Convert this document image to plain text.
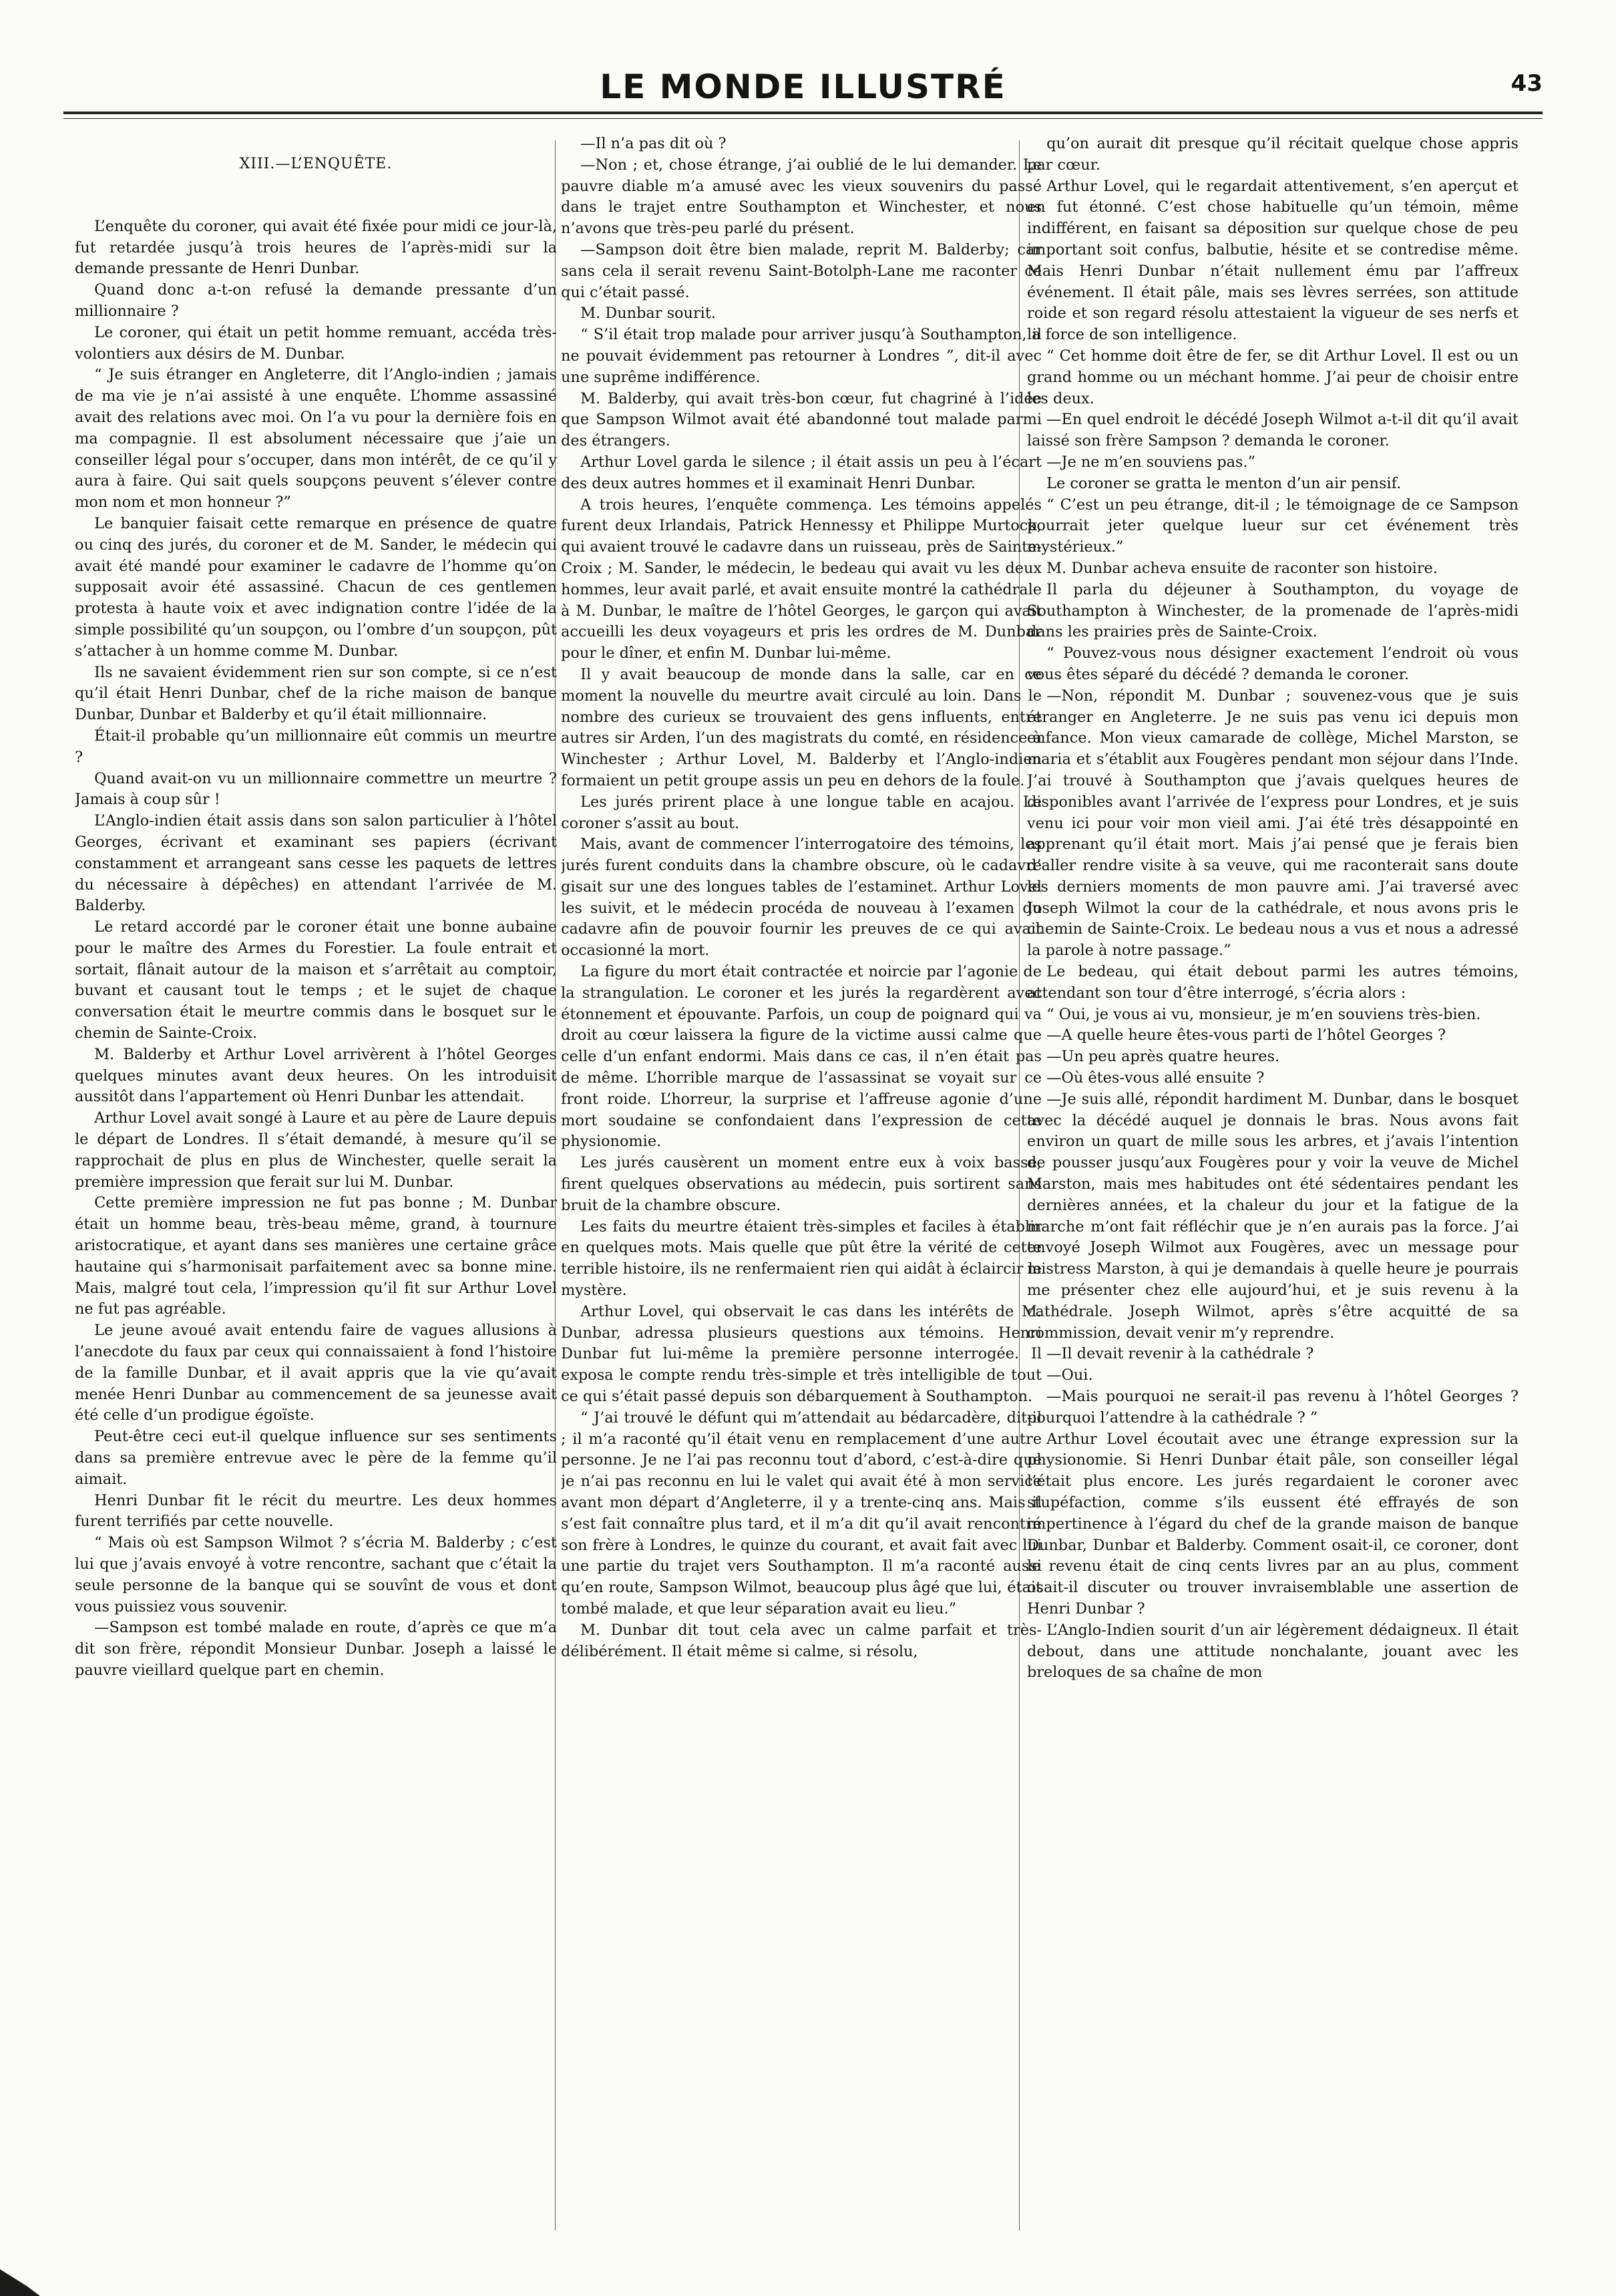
LE MONDE ILLUSTRÉ	43

XIII.—L’ENQUÊTE.

L’enquête du coroner, qui avait été fixée pour midi ce jour-là, fut retardée jusqu’à trois heures de l’après-midi sur la demande pressante de Henri Dunbar.

Quand donc a-t-on refusé la demande pressante d’un millionnaire ?

Le coroner, qui était un petit homme remuant, accéda très-volontiers aux désirs de M. Dunbar.

“ Je suis étranger en Angleterre, dit l’Anglo-indien ; jamais de ma vie je n’ai assisté à une enquête. L’homme assassiné avait des relations avec moi. On l’a vu pour la dernière fois en ma compagnie. Il est absolument nécessaire que j’aie un conseiller légal pour s’occuper, dans mon intérêt, de ce qu’il y aura à faire. Qui sait quels soupçons peuvent s’élever contre mon nom et mon honneur ?”

Le banquier faisait cette remarque en présence de quatre ou cinq des jurés, du coroner et de M. Sander, le médecin qui avait été mandé pour examiner le cadavre de l’homme qu’on supposait avoir été assassiné. Chacun de ces gentlemen protesta à haute voix et avec indignation contre l’idée de la simple possibilité qu’un soupçon, ou l’ombre d’un soupçon, pût s’attacher à un homme comme M. Dunbar.

Ils ne savaient évidemment rien sur son compte, si ce n’est qu’il était Henri Dunbar, chef de la riche maison de banque Dunbar, Dunbar et Balderby et qu’il était millionnaire.

Était-il probable qu’un millionnaire eût commis un meurtre ?

Quand avait-on vu un millionnaire commettre un meurtre ? Jamais à coup sûr !

L’Anglo-indien était assis dans son salon particulier à l’hôtel Georges, écrivant et examinant ses papiers (écrivant constamment et arrangeant sans cesse les paquets de lettres du nécessaire à dépêches) en attendant l’arrivée de M. Balderby.

Le retard accordé par le coroner était une bonne aubaine pour le maître des Armes du Forestier. La foule entrait et sortait, flânait autour de la maison et s’arrêtait au comptoir, buvant et causant tout le temps ; et le sujet de chaque conversation était le meurtre commis dans le bosquet sur le chemin de Sainte-Croix.

M. Balderby et Arthur Lovel arrivèrent à l’hôtel Georges quelques minutes avant deux heures. On les introduisit aussitôt dans l’appartement où Henri Dunbar les attendait.

Arthur Lovel avait songé à Laure et au père de Laure depuis le départ de Londres. Il s’était demandé, à mesure qu’il se rapprochait de plus en plus de Winchester, quelle serait la première impression que ferait sur lui M. Dunbar.

Cette première impression ne fut pas bonne ; M. Dunbar était un homme beau, très-beau même, grand, à tournure aristocratique, et ayant dans ses manières une certaine grâce hautaine qui s’harmonisait parfaitement avec sa bonne mine. Mais, malgré tout cela, l’impression qu’il fit sur Arthur Lovel ne fut pas agréable.

Le jeune avoué avait entendu faire de vagues allusions à l’anecdote du faux par ceux qui connaissaient à fond l’histoire de la famille Dunbar, et il avait appris que la vie qu’avait menée Henri Dunbar au commencement de sa jeunesse avait été celle d’un prodigue égoïste.

Peut-être ceci eut-il quelque influence sur ses sentiments dans sa première entrevue avec le père de la femme qu’il aimait.

Henri Dunbar fit le récit du meurtre. Les deux hommes furent terrifiés par cette nouvelle.

“ Mais où est Sampson Wilmot ? s’écria M. Balderby ; c’est lui que j’avais envoyé à votre rencontre, sachant que c’était la seule personne de la banque qui se souvînt de vous et dont vous puissiez vous souvenir.

—Sampson est tombé malade en route, d’après ce que m’a dit son frère, répondit Monsieur Dunbar. Joseph a laissé le pauvre vieillard quelque part en chemin.

—Il n’a pas dit où ?

—Non ; et, chose étrange, j’ai oublié de le lui demander. Le pauvre diable m’a amusé avec les vieux souvenirs du passé dans le trajet entre Southampton et Winchester, et nous n’avons que très-peu parlé du présent.

—Sampson doit être bien malade, reprit M. Balderby; car sans cela il serait revenu Saint-Botolph-Lane me raconter ce qui c’était passé.

M. Dunbar sourit.

“ S’il était trop malade pour arriver jusqu’à Southampton, il ne pouvait évidemment pas retourner à Londres ”, dit-il avec une suprême indifférence.

M. Balderby, qui avait très-bon cœur, fut chagriné à l’idée que Sampson Wilmot avait été abandonné tout malade parmi des étrangers.

Arthur Lovel garda le silence ; il était assis un peu à l’écart des deux autres hommes et il examinait Henri Dunbar.

A trois heures, l’enquête commença. Les témoins appelés furent deux Irlandais, Patrick Hennessy et Philippe Murtock, qui avaient trouvé le cadavre dans un ruisseau, près de Sainte-Croix ; M. Sander, le médecin, le bedeau qui avait vu les deux hommes, leur avait parlé, et avait ensuite montré la cathédrale à M. Dunbar, le maître de l’hôtel Georges, le garçon qui avait accueilli les deux voyageurs et pris les ordres de M. Dunbar pour le dîner, et enfin M. Dunbar lui-même.

Il y avait beaucoup de monde dans la salle, car en ce moment la nouvelle du meurtre avait circulé au loin. Dans le nombre des curieux se trouvaient des gens influents, entre autres sir Arden, l’un des magistrats du comté, en résidence à Winchester ; Arthur Lovel, M. Balderby et l’Anglo-indien formaient un petit groupe assis un peu en dehors de la foule.

Les jurés prirent place à une longue table en acajou. Le coroner s’assit au bout.

Mais, avant de commencer l’interrogatoire des témoins, les jurés furent conduits dans la chambre obscure, où le cadavre gisait sur une des longues tables de l’estaminet. Arthur Lovel les suivit, et le médecin procéda de nouveau à l’examen du cadavre afin de pouvoir fournir les preuves de ce qui avait occasionné la mort.

La figure du mort était contractée et noircie par l’agonie de la strangulation. Le coroner et les jurés la regardèrent avec étonnement et épouvante. Parfois, un coup de poignard qui va droit au cœur laissera la figure de la victime aussi calme que celle d’un enfant endormi. Mais dans ce cas, il n’en était pas de même. L’horrible marque de l’assassinat se voyait sur ce front roide. L’horreur, la surprise et l’affreuse agonie d’une mort soudaine se confondaient dans l’expression de cette physionomie.

Les jurés causèrent un moment entre eux à voix basse, firent quelques observations au médecin, puis sortirent sans bruit de la chambre obscure.

Les faits du meurtre étaient très-simples et faciles à établir en quelques mots. Mais quelle que pût être la vérité de cette terrible histoire, ils ne renfermaient rien qui aidât à éclaircir le mystère.

Arthur Lovel, qui observait le cas dans les intérêts de M. Dunbar, adressa plusieurs questions aux témoins. Henri Dunbar fut lui-même la première personne interrogée. Il exposa le compte rendu très-simple et très intelligible de tout ce qui s’était passé depuis son débarquement à Southampton.

“ J’ai trouvé le défunt qui m’attendait au bédarcadère, dit-il ; il m’a raconté qu’il était venu en remplacement d’une autre personne. Je ne l’ai pas reconnu tout d’abord, c’est-à-dire que je n’ai pas reconnu en lui le valet qui avait été à mon service avant mon départ d’Angleterre, il y a trente-cinq ans. Mais il s’est fait connaître plus tard, et il m’a dit qu’il avait rencontré son frère à Londres, le quinze du courant, et avait fait avec lui une partie du trajet vers Southampton. Il m’a raconté aussi qu’en route, Sampson Wilmot, beaucoup plus âgé que lui, était tombé malade, et que leur séparation avait eu lieu.”

M. Dunbar dit tout cela avec un calme parfait et très-délibérément. Il était même si calme, si résolu,

qu’on aurait dit presque qu’il récitait quelque chose appris par cœur.

Arthur Lovel, qui le regardait attentivement, s’en aperçut et en fut étonné. C’est chose habituelle qu’un témoin, même indifférent, en faisant sa déposition sur quelque chose de peu important soit confus, balbutie, hésite et se contredise même. Mais Henri Dunbar n’était nullement ému par l’affreux événement. Il était pâle, mais ses lèvres serrées, son attitude roide et son regard résolu attestaient la vigueur de ses nerfs et la force de son intelligence.

“ Cet homme doit être de fer, se dit Arthur Lovel. Il est ou un grand homme ou un méchant homme. J’ai peur de choisir entre les deux.

—En quel endroit le décédé Joseph Wilmot a-t-il dit qu’il avait laissé son frère Sampson ? demanda le coroner.

—Je ne m’en souviens pas.”

Le coroner se gratta le menton d’un air pensif.

“ C’est un peu étrange, dit-il ; le témoignage de ce Sampson pourrait jeter quelque lueur sur cet événement très mystérieux.”

M. Dunbar acheva ensuite de raconter son histoire.

Il parla du déjeuner à Southampton, du voyage de Southampton à Winchester, de la promenade de l’après-midi dans les prairies près de Sainte-Croix.

“ Pouvez-vous nous désigner exactement l’endroit où vous vous êtes séparé du décédé ? demanda le coroner.

—Non, répondit M. Dunbar ; souvenez-vous que je suis étranger en Angleterre. Je ne suis pas venu ici depuis mon enfance. Mon vieux camarade de collège, Michel Marston, se maria et s’établit aux Fougères pendant mon séjour dans l’Inde. J’ai trouvé à Southampton que j’avais quelques heures de disponibles avant l’arrivée de l’express pour Londres, et je suis venu ici pour voir mon vieil ami. J’ai été très désappointé en apprenant qu’il était mort. Mais j’ai pensé que je ferais bien d’aller rendre visite à sa veuve, qui me raconterait sans doute les derniers moments de mon pauvre ami. J’ai traversé avec Joseph Wilmot la cour de la cathédrale, et nous avons pris le chemin de Sainte-Croix. Le bedeau nous a vus et nous a adressé la parole à notre passage.”

Le bedeau, qui était debout parmi les autres témoins, attendant son tour d’être interrogé, s’écria alors :

“ Oui, je vous ai vu, monsieur, je m’en souviens très-bien.

—A quelle heure êtes-vous parti de l’hôtel Georges ?

—Un peu après quatre heures.

—Où êtes-vous allé ensuite ?

—Je suis allé, répondit hardiment M. Dunbar, dans le bosquet avec la décédé auquel je donnais le bras. Nous avons fait environ un quart de mille sous les arbres, et j’avais l’intention de pousser jusqu’aux Fougères pour y voir la veuve de Michel Marston, mais mes habitudes ont été sédentaires pendant les dernières années, et la chaleur du jour et la fatigue de la marche m’ont fait réfléchir que je n’en aurais pas la force. J’ai envoyé Joseph Wilmot aux Fougères, avec un message pour mistress Marston, à qui je demandais à quelle heure je pourrais me présenter chez elle aujourd’hui, et je suis revenu à la cathédrale. Joseph Wilmot, après s’être acquitté de sa commission, devait venir m’y reprendre.

—Il devait revenir à la cathédrale ?

—Oui.

—Mais pourquoi ne serait-il pas revenu à l’hôtel Georges ? pourquoi l’attendre à la cathédrale ? ”

Arthur Lovel écoutait avec une étrange expression sur la physionomie. Si Henri Dunbar était pâle, son conseiller légal l’était plus encore. Les jurés regardaient le coroner avec stupéfaction, comme s’ils eussent été effrayés de son impertinence à l’égard du chef de la grande maison de banque Dunbar, Dunbar et Balderby. Comment osait-il, ce coroner, dont le revenu était de cinq cents livres par an au plus, comment osait-il discuter ou trouver invraisemblable une assertion de Henri Dunbar ?

L’Anglo-Indien sourit d’un air légèrement dédaigneux. Il était debout, dans une attitude nonchalante, jouant avec les breloques de sa chaîne de mon
